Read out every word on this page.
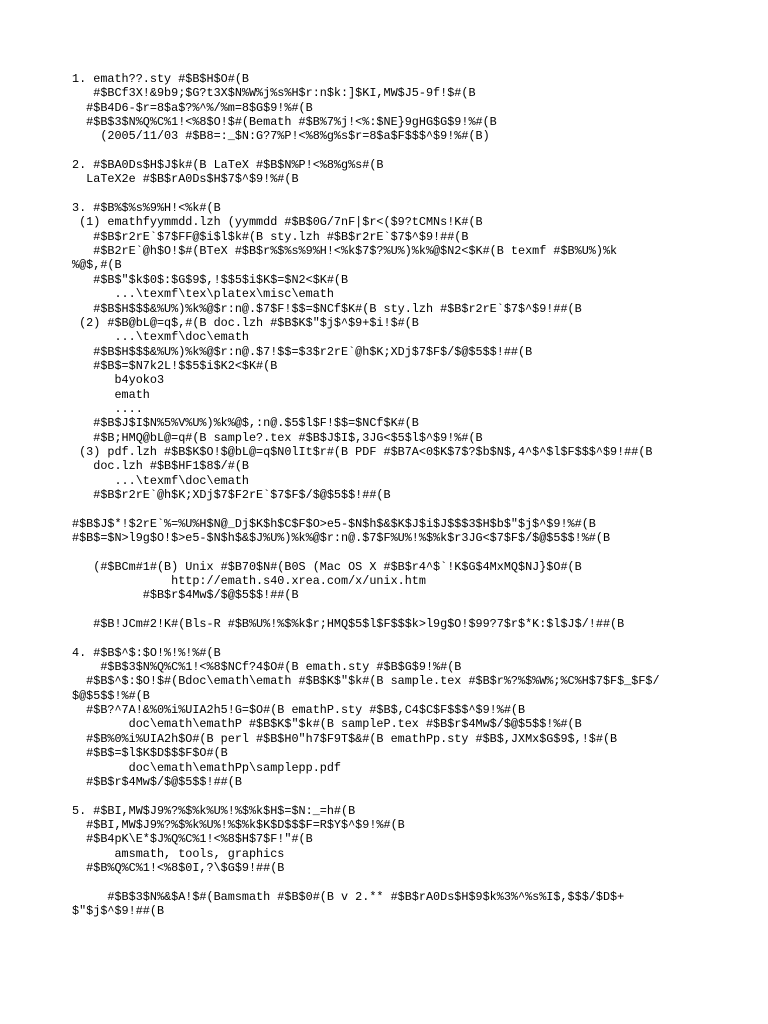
1. emath??.sty #$B$H$O#(B
#$BCf3X!&9b9;$G?t3X$N%W%j%s%H$r:n$k:]$KI,MW$J5-9f!$#(B
#$B4D6-$r=8$a$?%^%/%m=8$G$9!%#(B
#$B$3$N%Q%C%1!<%8$O!$#(Bemath #$B%7%j!<%:$NE}9gHG$G$9!%#(B
(2005/11/03 #$B8=:_$N:G?7%P!<%8%g%s$r=8$a$F$$$^$9!%#(B)
2. #$BA0Ds$H$J$k#(B LaTeX #$B$N%P!<%8%g%s#(B
LaTeX2e #$B$rA0Ds$H$7$^$9!%#(B
3. #$B%$%s%9%H!<%k#(B
(1) emathfyymmdd.lzh (yymmdd #$B$0G/7nF|$r<($9?tCMNs!K#(B
#$B$r2rE`$7$FF@$i$l$k#(B sty.lzh #$B$r2rE`$7$^$9!##(B
#$B2rE`@h$O!$#(BTeX #$B$r%$%s%9%H!<%k$7$?%U%)%k%@$N2<$K#(B texmf #$B%U%)%k
%@$,#(B
#$B$"$k$0$:$G$9$,!$$5$i$K$=$N2<$K#(B
...\texmf\tex\platex\misc\emath
#$B$H$$$&%U%)%k%@$r:n@.$7$F!$$=$NCf$K#(B sty.lzh #$B$r2rE`$7$^$9!##(B
(2) #$B@bL@=q$,#(B doc.lzh #$B$K$"$j$^$9+$i!$#(B
...\texmf\doc\emath
#$B$H$$$&%U%)%k%@$r:n@.$7!$$=$3$r2rE`@h$K;XDj$7$F$/$@$5$$!##(B
#$B$=$N7k2L!$$5$i$K2<$K#(B
b4yoko3
emath
....
#$B$J$I$N%5%V%U%)%k%@$,:n@.$5$l$F!$$=$NCf$K#(B
#$B;HMQ@bL@=q#(B sample?.tex #$B$J$I$,3JG<$5$l$^$9!%#(B
(3) pdf.lzh #$B$K$O!$@bL@=q$N0lIt$r#(B PDF #$B7A<0$K$7$?$b$N$,4^$^$l$F$$$^$9!##(B
doc.lzh #$B$HF1$8$/#(B
...\texmf\doc\emath
#$B$r2rE`@h$K;XDj$7$F2rE`$7$F$/$@$5$$!##(B
#$B$J$*!$2rE`%=%U%H$N@_Dj$K$h$C$F$O>e5-$N$h$&$K$J$i$J$$$3$H$b$"$j$^$9!%#(B
#$B$=$N>l9g$O!$>e5-$N$h$&$J%U%)%k%@$r:n@.$7$F%U%!%$%k$r3JG<$7$F$/$@$5$$!%#(B
(#$BCm#1#(B) Unix #$B70$N#(B0S (Mac OS X #$B$r4^$`!K$G$4MxMQ$NJ}$O#(B
http://emath.s40.xrea.com/x/unix.htm
#$B$r$4Mw$/$@$5$$!##(B
#$B!JCm#2!K#(Bls-R #$B%U%!%$%k$r;HMQ$5$l$F$$$k>l9g$O!$99?7$r$*K:$l$J$/!##(B
4. #$B$^$:$O!%!%!%#(B
#$B$3$N%Q%C%1!<%8$NCf?4$O#(B emath.sty #$B$G$9!%#(B
#$B$^$:$O!$#(Bdoc\emath\emath #$B$K$"$k#(B sample.tex #$B$r%?%$%W%;%C%H$7$F$_$F$/
$@$5$$!%#(B
#$B?^7A!&%0%i%UIA2h5!G=$O#(B emathP.sty #$B$,C4$C$F$$$^$9!%#(B
doc\emath\emathP #$B$K$"$k#(B sampleP.tex #$B$r$4Mw$/$@$5$$!%#(B
#$B%0%i%UIA2h$O#(B perl #$B$H0"h7$F9T$&#(B emathPp.sty #$B$,JXMx$G$9$,!$#(B
#$B$=$l$K$D$$$F$O#(B
doc\emath\emathPp\samplepp.pdf
#$B$r$4Mw$/$@$5$$!##(B
5. #$BI,MW$J9%?%$%k%U%!%$%k$H$=$N:_=h#(B
#$BI,MW$J9%?%$%k%U%!%$%k$K$D$$$F=R$Y$^$9!%#(B
#$B4pK\E*$J%Q%C%1!<%8$H$7$F!"#(B
amsmath, tools, graphics
#$B%Q%C%1!<%8$0I,?\$G$9!##(B
#$B$3$N%&$A!$#(Bamsmath #$B$0#(B v 2.** #$B$rA0Ds$H$9$k%3%^%s%I$,$$$/$D$+
$"$j$^$9!##(B
